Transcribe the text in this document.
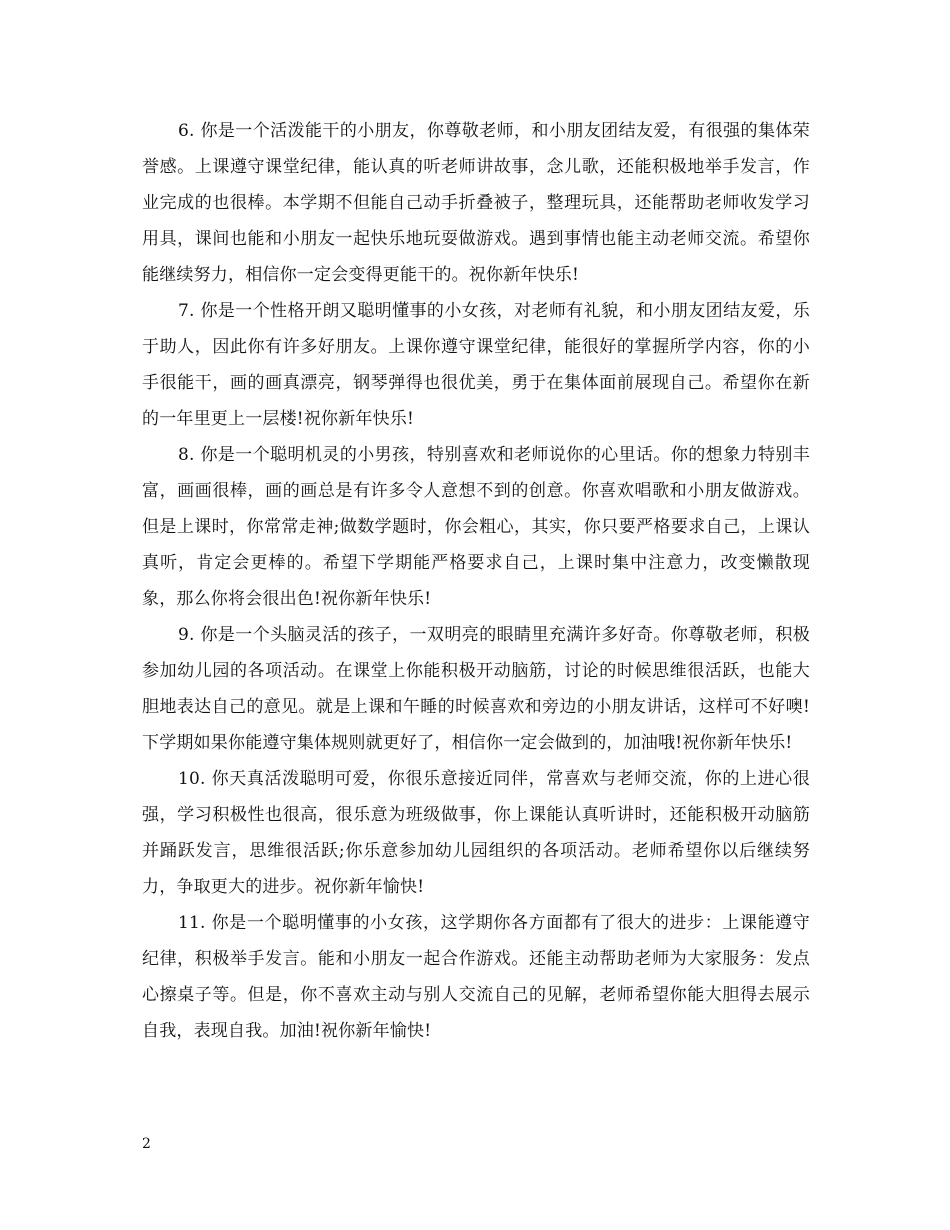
6. 你是一个活泼能干的小朋友，你尊敬老师，和小朋友团结友爱，有很强的集体荣誉感。上课遵守课堂纪律，能认真的听老师讲故事，念儿歌，还能积极地举手发言，作业完成的也很棒。本学期不但能自己动手折叠被子，整理玩具，还能帮助老师收发学习用具，课间也能和小朋友一起快乐地玩耍做游戏。遇到事情也能主动老师交流。希望你能继续努力，相信你一定会变得更能干的。祝你新年快乐!

7. 你是一个性格开朗又聪明懂事的小女孩，对老师有礼貌，和小朋友团结友爱，乐于助人，因此你有许多好朋友。上课你遵守课堂纪律，能很好的掌握所学内容，你的小手很能干，画的画真漂亮，钢琴弹得也很优美，勇于在集体面前展现自己。希望你在新的一年里更上一层楼!祝你新年快乐!

8. 你是一个聪明机灵的小男孩，特别喜欢和老师说你的心里话。你的想象力特别丰富，画画很棒，画的画总是有许多令人意想不到的创意。你喜欢唱歌和小朋友做游戏。但是上课时，你常常走神;做数学题时，你会粗心，其实，你只要严格要求自己，上课认真听，肯定会更棒的。希望下学期能严格要求自己，上课时集中注意力，改变懒散现象，那么你将会很出色!祝你新年快乐!

9. 你是一个头脑灵活的孩子，一双明亮的眼睛里充满许多好奇。你尊敬老师，积极参加幼儿园的各项活动。在课堂上你能积极开动脑筋，讨论的时候思维很活跃，也能大胆地表达自己的意见。就是上课和午睡的时候喜欢和旁边的小朋友讲话，这样可不好噢!下学期如果你能遵守集体规则就更好了，相信你一定会做到的，加油哦!祝你新年快乐!

10. 你天真活泼聪明可爱，你很乐意接近同伴，常喜欢与老师交流，你的上进心很强，学习积极性也很高，很乐意为班级做事，你上课能认真听讲时，还能积极开动脑筋并踊跃发言，思维很活跃;你乐意参加幼儿园组织的各项活动。老师希望你以后继续努力，争取更大的进步。祝你新年愉快!

11. 你是一个聪明懂事的小女孩，这学期你各方面都有了很大的进步：上课能遵守纪律，积极举手发言。能和小朋友一起合作游戏。还能主动帮助老师为大家服务：发点心擦桌子等。但是，你不喜欢主动与别人交流自己的见解，老师希望你能大胆得去展示自我，表现自我。加油!祝你新年愉快!

2
